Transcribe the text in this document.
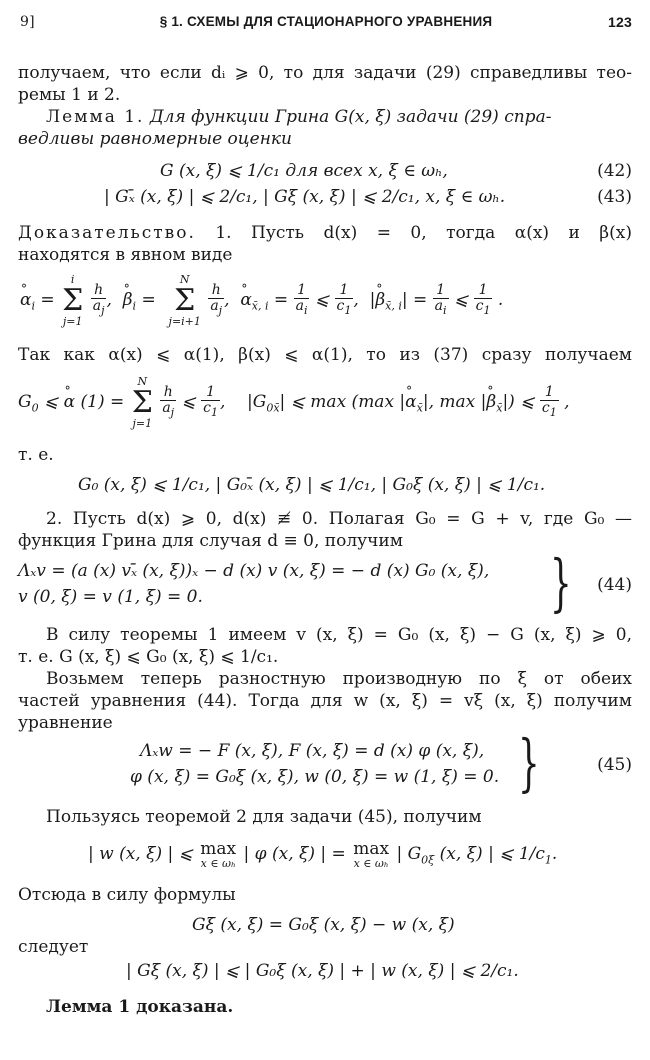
9]	§ 1. СХЕМЫ ДЛЯ СТАЦИОНАРНОГО УРАВНЕНИЯ	123
получаем, что если dᵢ ⩾ 0, то для задачи (29) справедливы тео-
ремы 1 и 2.
Лемма 1. Для функции Грина G(x, ξ) задачи (29) спра-
ведливы равномерные оценки
G (x, ξ) ⩽ 1/c₁ для всех x, ξ ∈ ωₕ,	(42)
| Gₓ̄ (x, ξ) | ⩽ 2/c₁, | Gξ (x, ξ) | ⩽ 2/c₁, x, ξ ∈ ωₕ.	(43)
Доказательство. 1. Пусть d(x) = 0, тогда α(x) и β(x)
находятся в явном виде
° $\alpha_i$ =
i
Σ
j=1

$\frac{h}{a_j}$ ,  ° $\beta_i$ =
N
Σ
j=i+1

$\frac{h}{a_j}$ ,  ° $\alpha_{x̄, i} = \frac{1}{a_i}$ ⩽ $\frac{1}{c_1}$ ,  |° $\beta_{x̄, i}| = \frac{1}{a_i}$ ⩽ $\frac{1}{c_1}$ .
Так как α(x) ⩽ α(1), β(x) ⩽ α(1), то из (37) сразу получаем
$G_0$ ⩽ ° α (1) =
N
Σ
j=1

$\frac{h}{a_j}$ ⩽ $\frac{1}{c_1}$ ,    $|G_{0x̄}|$ ⩽ max (max |° $\alpha_{x̄}|$, max |° $\beta_{x̄}|$) ⩽ $\frac{1}{c_1}$ ,
т. е.
G₀ (x, ξ) ⩽ 1/c₁, | G₀ₓ̄ (x, ξ) | ⩽ 1/c₁, | G₀ξ (x, ξ) | ⩽ 1/c₁.
2. Пусть d(x) ⩾ 0, d(x) ≢ 0. Полагая G₀ = G + v, где G₀ —
функция Грина для случая d ≡ 0, получим
Λₓv = (a (x) vₓ̄ (x, ξ))ₓ − d (x) v (x, ξ) = − d (x) G₀ (x, ξ),
v (0, ξ) = v (1, ξ) = 0.	} (44)
В силу теоремы 1 имеем v (x, ξ) = G₀ (x, ξ) − G (x, ξ) ⩾ 0,
т. е. G (x, ξ) ⩽ G₀ (x, ξ) ⩽ 1/c₁.
Возьмем теперь разностную производную по ξ от обеих
частей уравнения (44). Тогда для w (x, ξ) = vξ (x, ξ) получим
уравнение
Λₓw = − F (x, ξ), F (x, ξ) = d (x) φ (x, ξ),
φ (x, ξ) = G₀ξ (x, ξ), w (0, ξ) = w (1, ξ) = 0. }	(45)
Пользуясь теоремой 2 для задачи (45), получим
| w (x, ξ) | ⩽ max
x ∈ ωₕ | φ (x, ξ) | = max
x ∈ ωₕ | $G_{0\xi}$ (x, ξ) | ⩽ $1/c_1$.
Отсюда в силу формулы
Gξ (x, ξ) = G₀ξ (x, ξ) − w (x, ξ)
следует
| Gξ (x, ξ) | ⩽ | G₀ξ (x, ξ) | + | w (x, ξ) | ⩽ 2/c₁.
Лемма 1 доказана.
